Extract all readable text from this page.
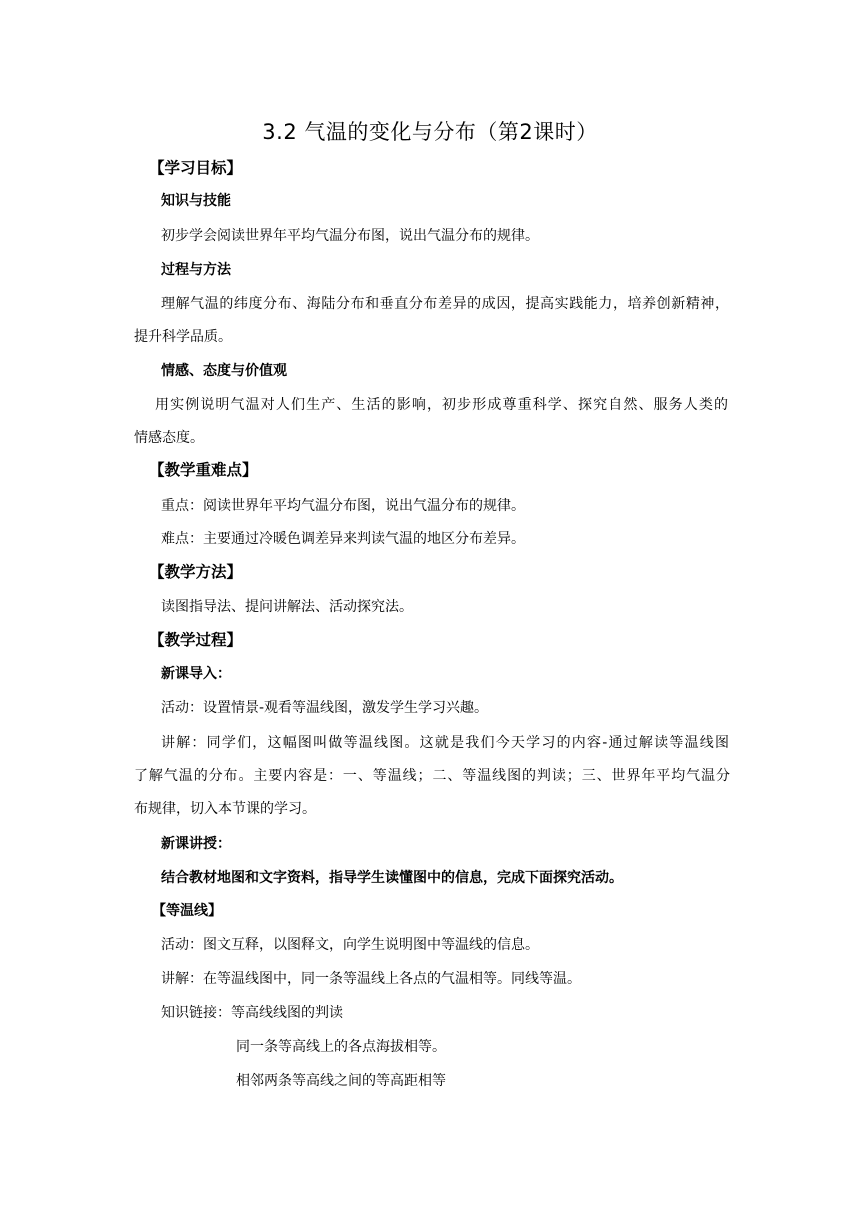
3.2 气温的变化与分布（第2课时）
【学习目标】
知识与技能
初步学会阅读世界年平均气温分布图，说出气温分布的规律。
过程与方法
理解气温的纬度分布、海陆分布和垂直分布差异的成因，提高实践能力，培养创新精神，
提升科学品质。
情感、态度与价值观
用实例说明气温对人们生产、生活的影响，初步形成尊重科学、探究自然、服务人类的
情感态度。
【教学重难点】
重点：阅读世界年平均气温分布图，说出气温分布的规律。
难点：主要通过冷暖色调差异来判读气温的地区分布差异。
【教学方法】
读图指导法、提问讲解法、活动探究法。
【教学过程】
新课导入：
活动：设置情景-观看等温线图，激发学生学习兴趣。
讲解：同学们，这幅图叫做等温线图。这就是我们今天学习的内容-通过解读等温线图
了解气温的分布。主要内容是：一、等温线；二、等温线图的判读；三、世界年平均气温分
布规律，切入本节课的学习。
新课讲授：
结合教材地图和文字资料，指导学生读懂图中的信息，完成下面探究活动。
【等温线】
活动：图文互释，以图释文，向学生说明图中等温线的信息。
讲解：在等温线图中，同一条等温线上各点的气温相等。同线等温。
知识链接：等高线线图的判读
同一条等高线上的各点海拔相等。
相邻两条等高线之间的等高距相等
